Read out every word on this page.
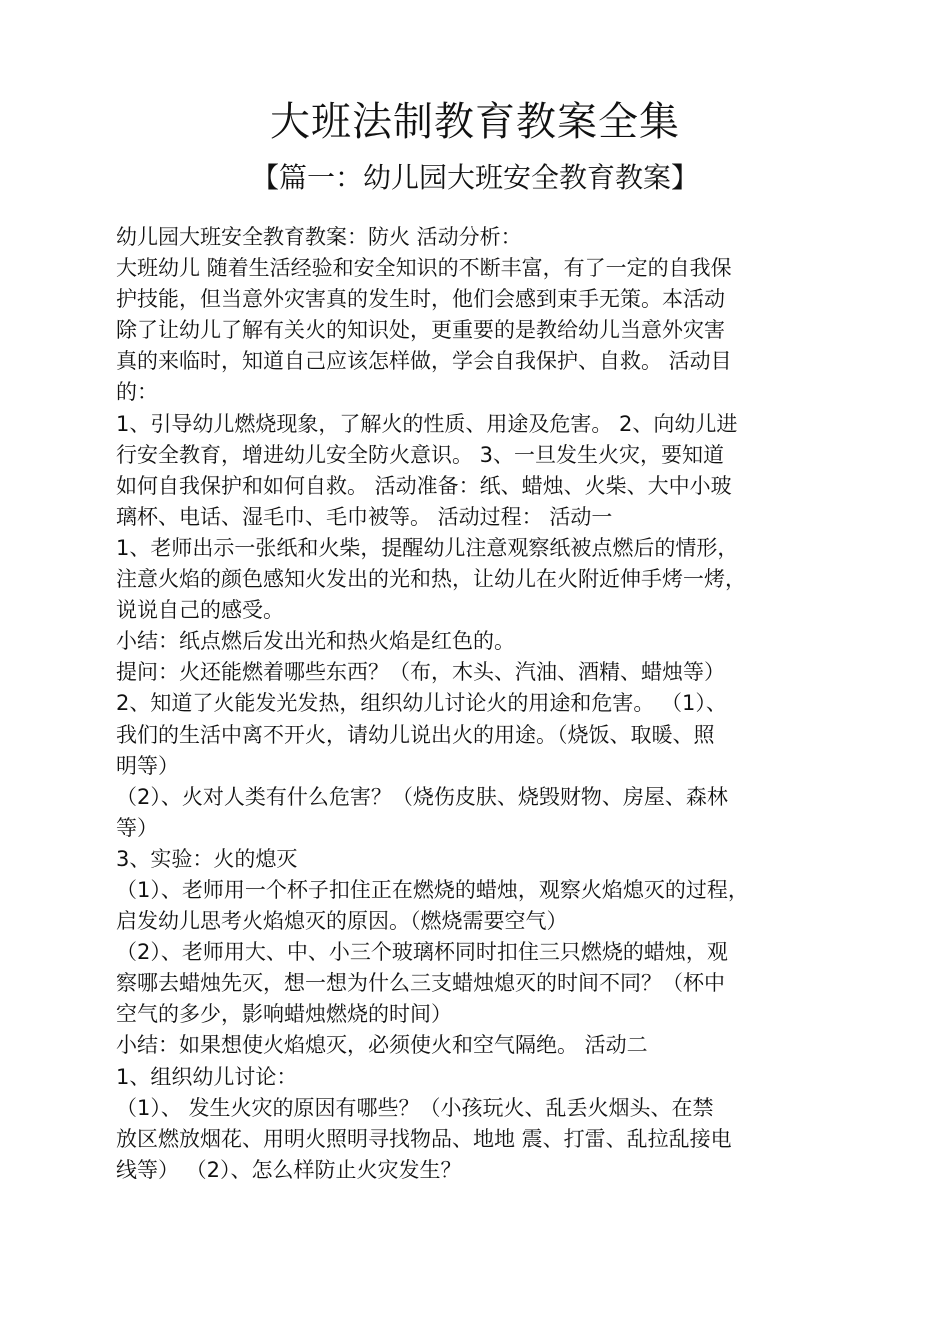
大班法制教育教案全集
【篇一：幼儿园大班安全教育教案】
幼儿园大班安全教育教案：防火 活动分析：
大班幼儿 随着生活经验和安全知识的不断丰富，有了一定的自我保
护技能，但当意外灾害真的发生时，他们会感到束手无策。本活动
除了让幼儿了解有关火的知识处，更重要的是教给幼儿当意外灾害
真的来临时，知道自己应该怎样做，学会自我保护、自救。 活动目
的：
1、引导幼儿燃烧现象，了解火的性质、用途及危害。 2、向幼儿进
行安全教育，增进幼儿安全防火意识。 3、一旦发生火灾，要知道
如何自我保护和如何自救。 活动准备：纸、蜡烛、火柴、大中小玻
璃杯、电话、湿毛巾、毛巾被等。 活动过程： 活动一
1、老师出示一张纸和火柴，提醒幼儿注意观察纸被点燃后的情形，
注意火焰的颜色感知火发出的光和热，让幼儿在火附近伸手烤一烤，
说说自己的感受。
小结：纸点燃后发出光和热火焰是红色的。
提问：火还能燃着哪些东西？（布，木头、汽油、酒精、蜡烛等）
2、知道了火能发光发热，组织幼儿讨论火的用途和危害。 （1）、
我们的生活中离不开火，请幼儿说出火的用途。（烧饭、取暖、照
明等）
（2）、火对人类有什么危害？（烧伤皮肤、烧毁财物、房屋、森林
等）
3、实验：火的熄灭
（1）、老师用一个杯子扣住正在燃烧的蜡烛，观察火焰熄灭的过程，
启发幼儿思考火焰熄灭的原因。（燃烧需要空气）
（2）、老师用大、中、小三个玻璃杯同时扣住三只燃烧的蜡烛，观
察哪去蜡烛先灭，想一想为什么三支蜡烛熄灭的时间不同？（杯中
空气的多少，影响蜡烛燃烧的时间）
小结：如果想使火焰熄灭，必须使火和空气隔绝。 活动二
1、组织幼儿讨论：
（1）、 发生火灾的原因有哪些？（小孩玩火、乱丢火烟头、在禁
放区燃放烟花、用明火照明寻找物品、地地 震、打雷、乱拉乱接电
线等） （2）、怎么样防止火灾发生？
